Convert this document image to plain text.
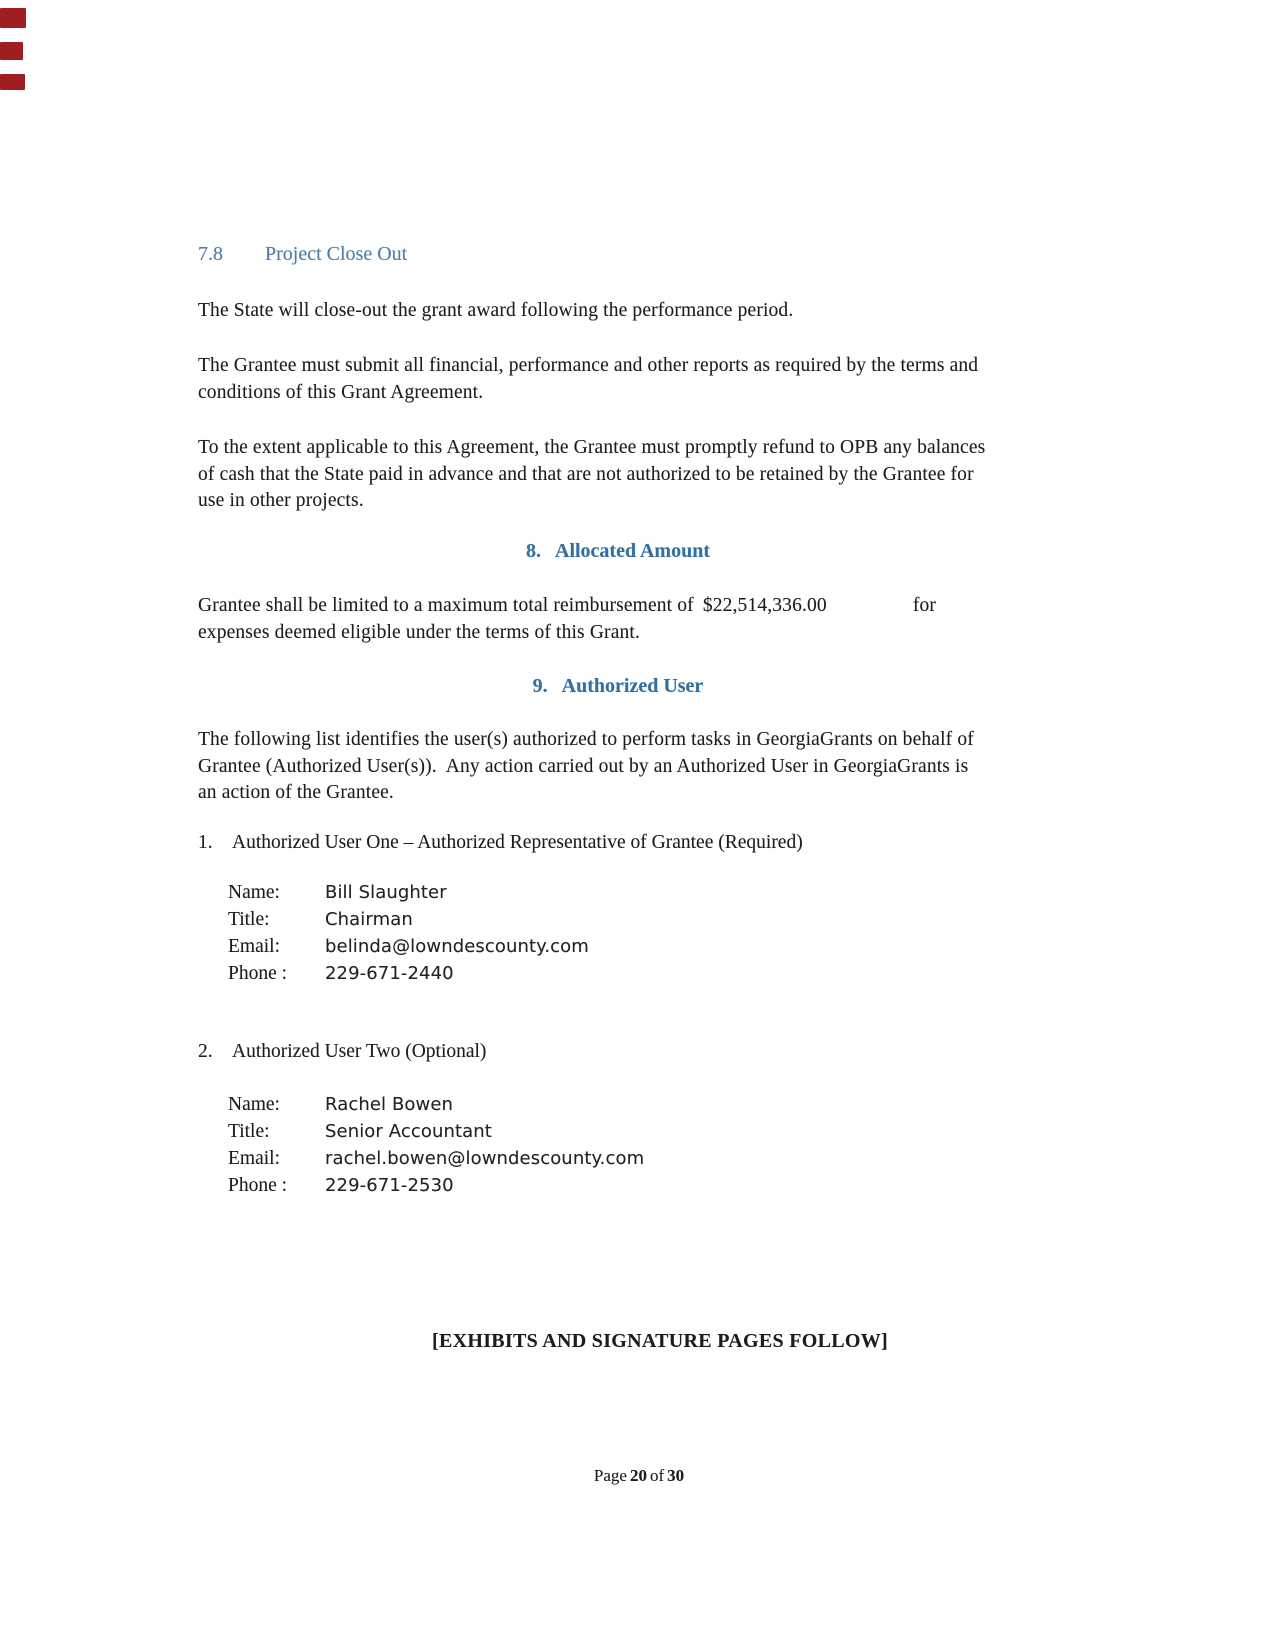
7.8 Project Close Out
The State will close-out the grant award following the performance period.
The Grantee must submit all financial, performance and other reports as required by the terms and
conditions of this Grant Agreement.
To the extent applicable to this Agreement, the Grantee must promptly refund to OPB any balances
of cash that the State paid in advance and that are not authorized to be retained by the Grantee for
use in other projects.
8. Allocated Amount
Grantee shall be limited to a maximum total reimbursement of $22,514,336.00	for
expenses deemed eligible under the terms of this Grant.
9. Authorized User
The following list identifies the user(s) authorized to perform tasks in GeorgiaGrants on behalf of
Grantee (Authorized User(s)).  Any action carried out by an Authorized User in GeorgiaGrants is
an action of the Grantee.
1. Authorized User One – Authorized Representative of Grantee (Required)
Name:	Bill Slaughter
Title:	Chairman
Email:	belinda@lowndescounty.com
Phone :	229-671-2440
2. Authorized User Two (Optional)
Name:	Rachel Bowen
Title:	Senior Accountant
Email:	rachel.bowen@lowndescounty.com
Phone :	229-671-2530
[EXHIBITS AND SIGNATURE PAGES FOLLOW]
Page 20 of 30
